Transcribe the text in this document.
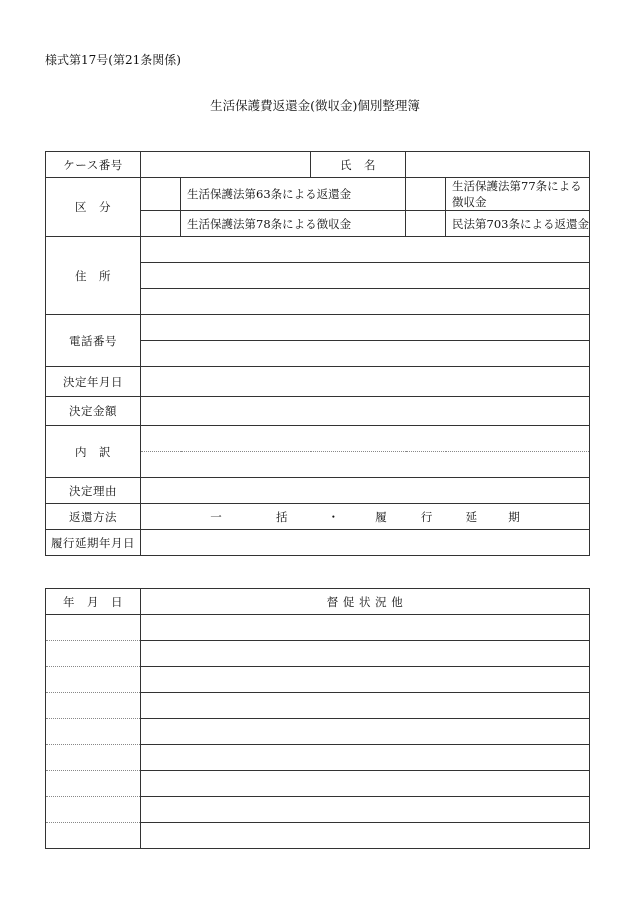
様式第17号(第21条関係)
生活保護費返還金(徴収金)個別整理簿
ケース番号			氏　名		
区　分		生活保護法第63条による返還金			生活保護法第77条による徴収金
		生活保護法第78条による徴収金			民法第703条による返還金
住　所					

電話番号					

決定年月日					
決定金額					
内　訳					

決定理由					
返還方法	一 括 ・ 履 行 延 期				
履行延期年月日					
年　月　日	督 促 状 況 他
